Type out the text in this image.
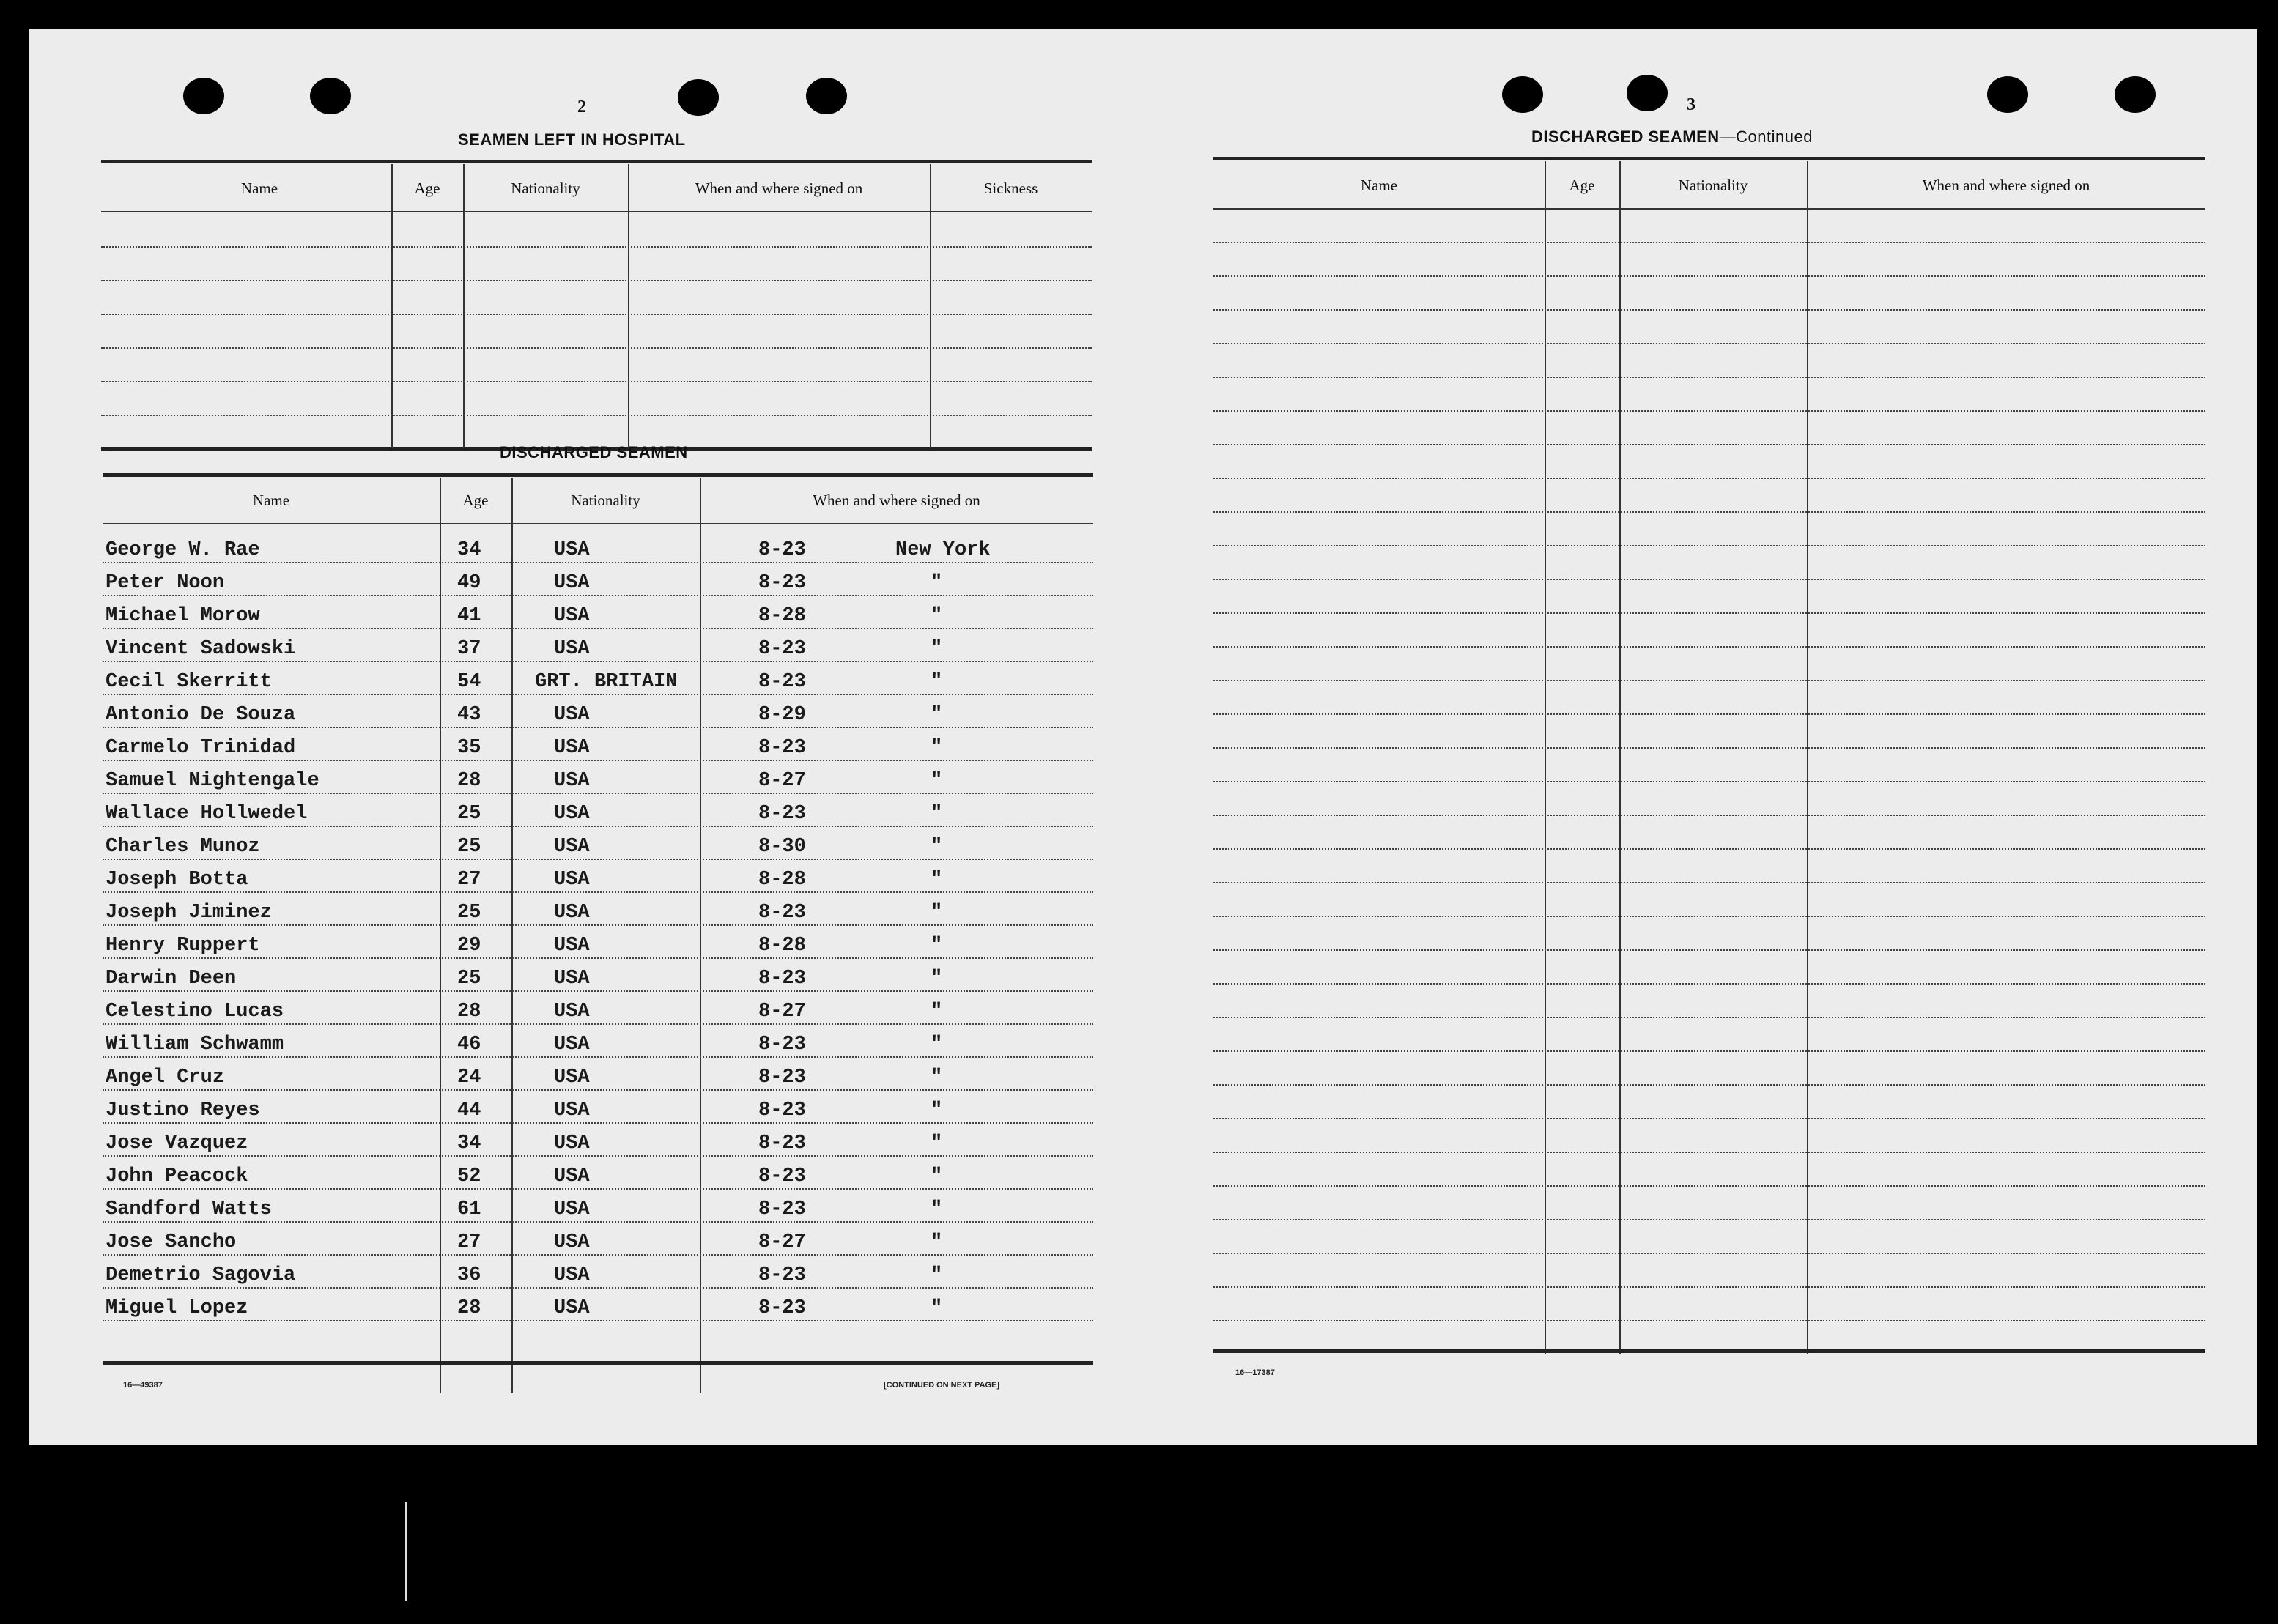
2
SEAMEN LEFT IN HOSPITAL
Name	Age	Nationality	When and where signed on	Sickness
DISCHARGED SEAMEN
Name	Age	Nationality	When and where signed on
George W. Rae	34	USA	8-23	New York
Peter Noon	49	USA	8-23	"
Michael Morow	41	USA	8-28	"
Vincent Sadowski	37	USA	8-23	"
Cecil Skerritt	54	GRT. BRITAIN	8-23	"
Antonio De Souza	43	USA	8-29	"
Carmelo Trinidad	35	USA	8-23	"
Samuel Nightengale	28	USA	8-27	"
Wallace Hollwedel	25	USA	8-23	"
Charles Munoz	25	USA	8-30	"
Joseph Botta	27	USA	8-28	"
Joseph Jiminez	25	USA	8-23	"
Henry Ruppert	29	USA	8-28	"
Darwin Deen	25	USA	8-23	"
Celestino Lucas	28	USA	8-27	"
William Schwamm	46	USA	8-23	"
Angel Cruz	24	USA	8-23	"
Justino Reyes	44	USA	8-23	"
Jose Vazquez	34	USA	8-23	"
John Peacock	52	USA	8-23	"
Sandford Watts	61	USA	8-23	"
Jose Sancho	27	USA	8-27	"
Demetrio Sagovia	36	USA	8-23	"
Miguel Lopez	28	USA	8-23	"
16—49387	[CONTINUED ON NEXT PAGE]
3
DISCHARGED SEAMEN—Continued
Name	Age	Nationality	When and where signed on
16—17387
